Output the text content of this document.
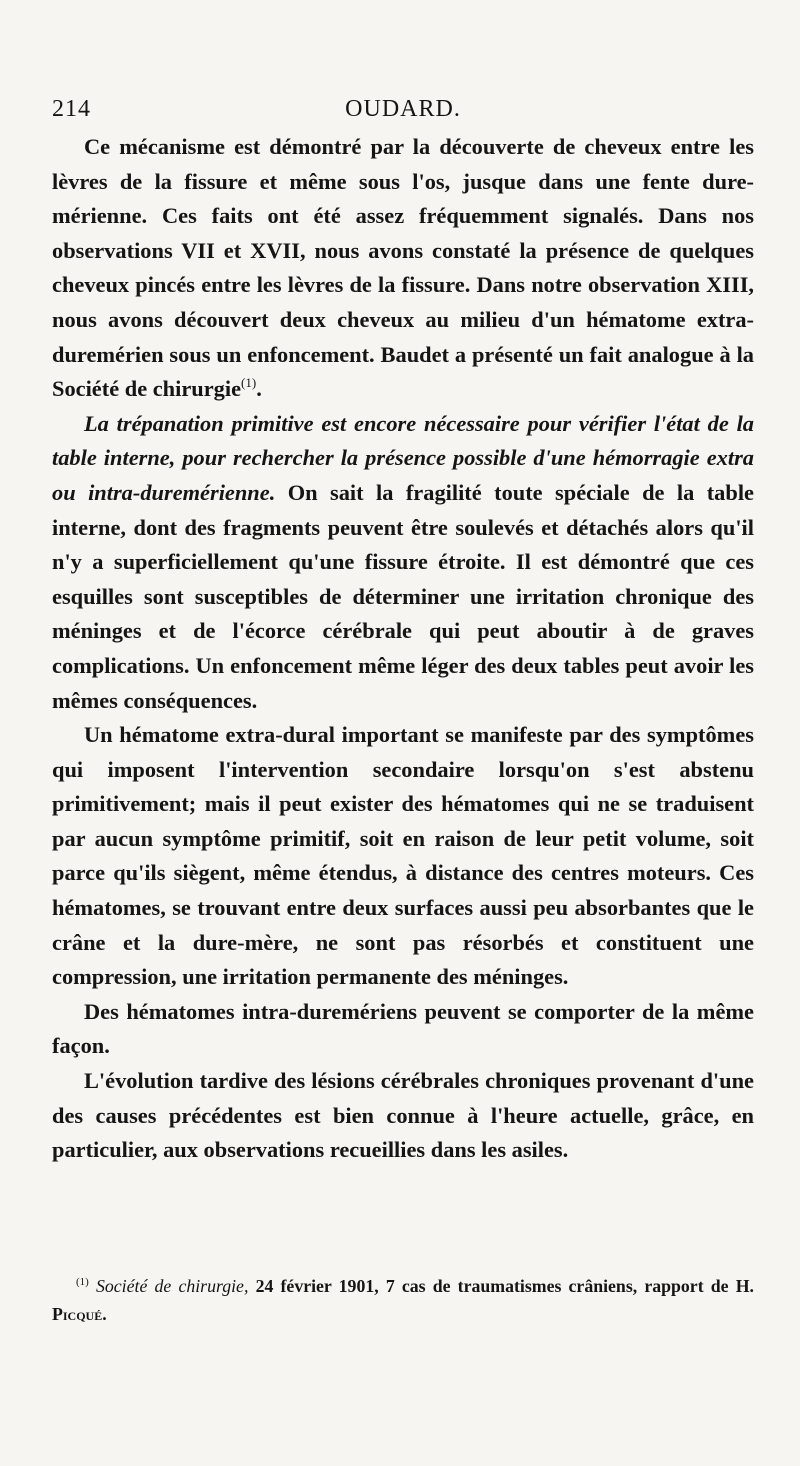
214	OUDARD.

Ce mécanisme est démontré par la découverte de cheveux entre les lèvres de la fissure et même sous l'os, jusque dans une fente dure-mérienne. Ces faits ont été assez fréquemment signalés. Dans nos observations VII et XVII, nous avons constaté la présence de quelques cheveux pincés entre les lèvres de la fissure. Dans notre observation XIII, nous avons découvert deux cheveux au milieu d'un hématome extra-duremérien sous un enfoncement. Baudet a présenté un fait analogue à la Société de chirurgie$^{(1)}$.

La trépanation primitive est encore nécessaire pour vérifier l'état de la table interne, pour rechercher la présence possible d'une hémorragie extra ou intra-duremérienne. On sait la fragilité toute spéciale de la table interne, dont des fragments peuvent être soulevés et détachés alors qu'il n'y a superficiellement qu'une fissure étroite. Il est démontré que ces esquilles sont susceptibles de déterminer une irritation chronique des méninges et de l'écorce cérébrale qui peut aboutir à de graves complications. Un enfoncement même léger des deux tables peut avoir les mêmes conséquences.

Un hématome extra-dural important se manifeste par des symptômes qui imposent l'intervention secondaire lorsqu'on s'est abstenu primitivement; mais il peut exister des hématomes qui ne se traduisent par aucun symptôme primitif, soit en raison de leur petit volume, soit parce qu'ils siègent, même étendus, à distance des centres moteurs. Ces hématomes, se trouvant entre deux surfaces aussi peu absorbantes que le crâne et la dure-mère, ne sont pas résorbés et constituent une compression, une irritation permanente des méninges.

Des hématomes intra-duremériens peuvent se comporter de la même façon.

L'évolution tardive des lésions cérébrales chroniques provenant d'une des causes précédentes est bien connue à l'heure actuelle, grâce, en particulier, aux observations recueillies dans les asiles.

$^{(1)}$ Société de chirurgie, 24 février 1901, 7 cas de traumatismes crâniens, rapport de H. Picqué.
